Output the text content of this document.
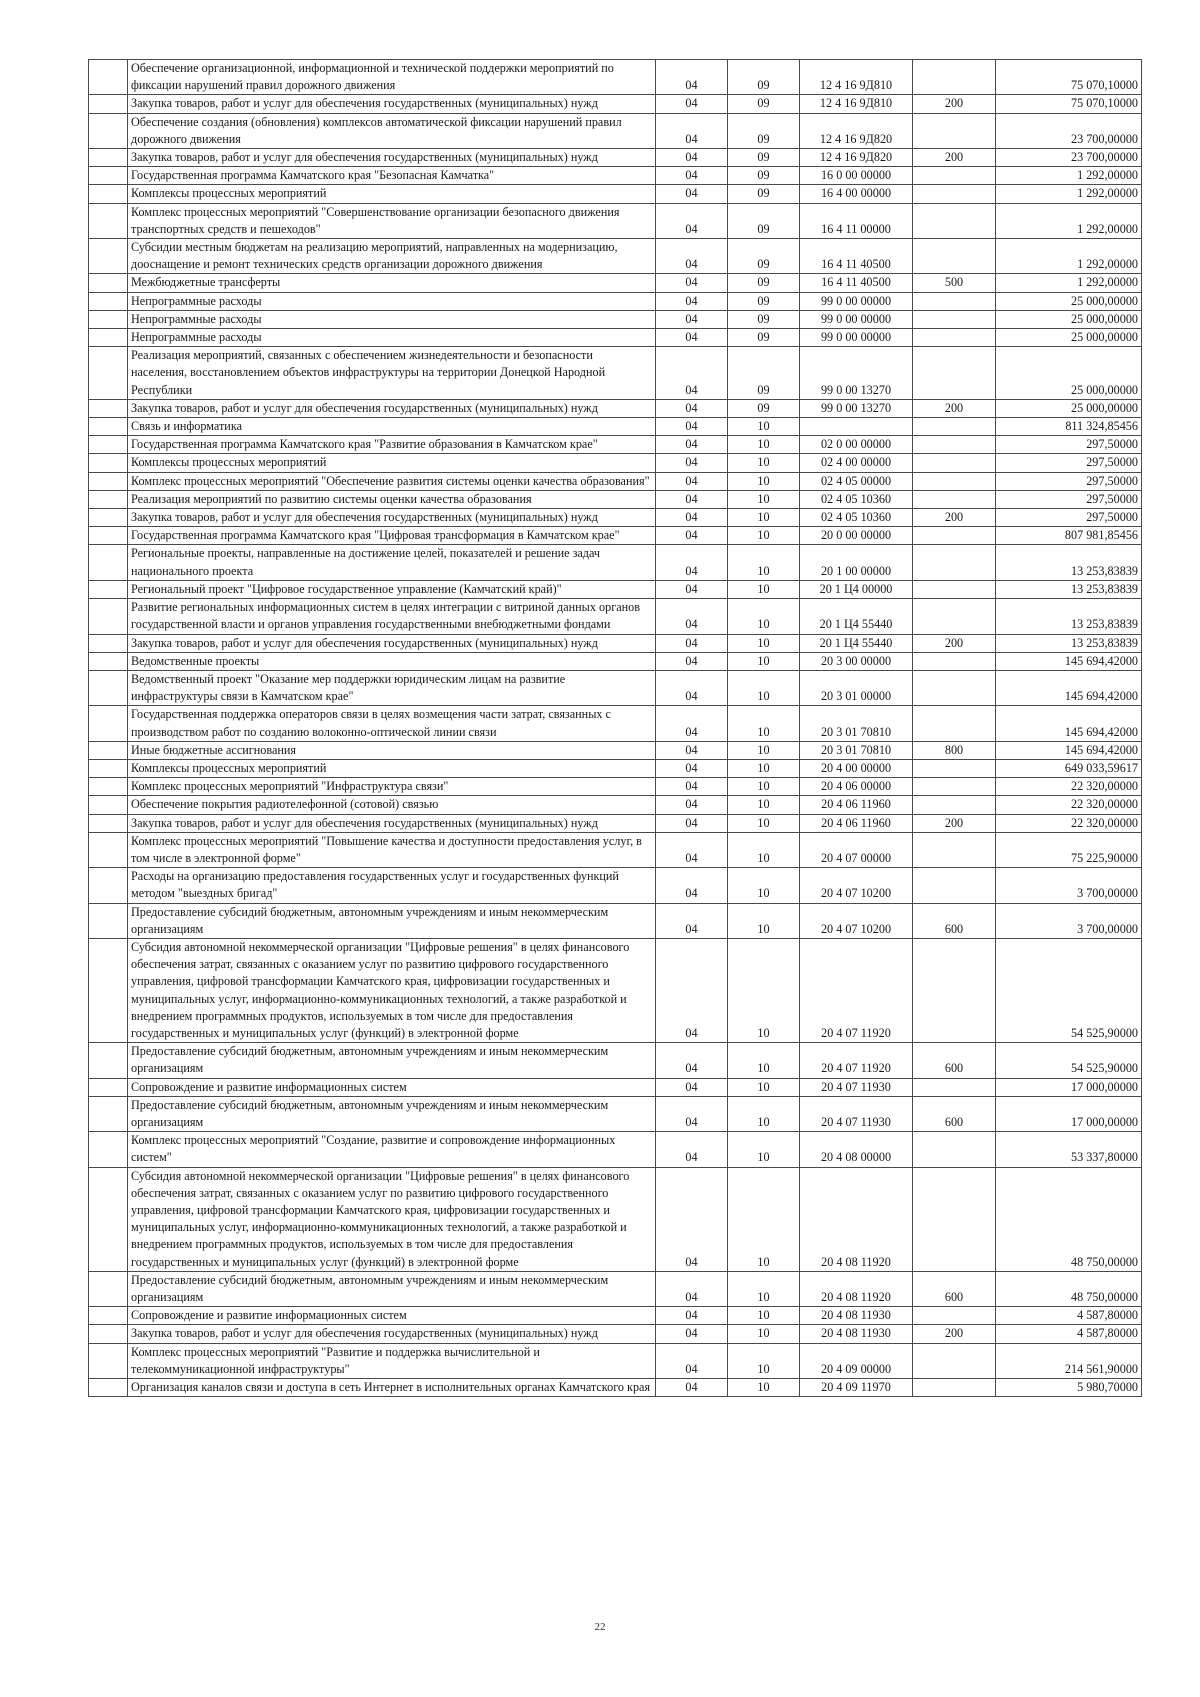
	Обеспечение организационной, информационной и технической поддержки мероприятий по фиксации нарушений правил дорожного движения	04	09	12 4 16 9Д810		75 070,10000
	Закупка товаров, работ и услуг для обеспечения государственных (муниципальных) нужд	04	09	12 4 16 9Д810	200	75 070,10000
	Обеспечение создания (обновления) комплексов автоматической фиксации нарушений правил дорожного движения	04	09	12 4 16 9Д820		23 700,00000
	Закупка товаров, работ и услуг для обеспечения государственных (муниципальных) нужд	04	09	12 4 16 9Д820	200	23 700,00000
	Государственная программа Камчатского края "Безопасная Камчатка"	04	09	16 0 00 00000		1 292,00000
	Комплексы процессных мероприятий	04	09	16 4 00 00000		1 292,00000
	Комплекс процессных мероприятий "Совершенствование организации безопасного движения транспортных средств и пешеходов"	04	09	16 4 11 00000		1 292,00000
	Субсидии местным бюджетам на реализацию мероприятий, направленных на модернизацию, дооснащение и ремонт технических средств организации дорожного движения	04	09	16 4 11 40500		1 292,00000
	Межбюджетные трансферты	04	09	16 4 11 40500	500	1 292,00000
	Непрограммные расходы	04	09	99 0 00 00000		25 000,00000
	Непрограммные расходы	04	09	99 0 00 00000		25 000,00000
	Непрограммные расходы	04	09	99 0 00 00000		25 000,00000
	Реализация мероприятий, связанных с обеспечением жизнедеятельности и безопасности населения, восстановлением объектов инфраструктуры на территории Донецкой Народной Республики	04	09	99 0 00 13270		25 000,00000
	Закупка товаров, работ и услуг для обеспечения государственных (муниципальных) нужд	04	09	99 0 00 13270	200	25 000,00000
	Связь и информатика	04	10			811 324,85456
	Государственная программа Камчатского края "Развитие образования в Камчатском крае"	04	10	02 0 00 00000		297,50000
	Комплексы процессных мероприятий	04	10	02 4 00 00000		297,50000
	Комплекс процессных мероприятий "Обеспечение развития системы оценки качества образования"	04	10	02 4 05 00000		297,50000
	Реализация мероприятий по развитию системы оценки качества образования	04	10	02 4 05 10360		297,50000
	Закупка товаров, работ и услуг для обеспечения государственных (муниципальных) нужд	04	10	02 4 05 10360	200	297,50000
	Государственная программа Камчатского края "Цифровая трансформация в Камчатском крае"	04	10	20 0 00 00000		807 981,85456
	Региональные проекты, направленные на достижение целей, показателей и решение задач национального проекта	04	10	20 1 00 00000		13 253,83839
	Региональный проект "Цифровое государственное управление (Камчатский край)"	04	10	20 1 Ц4 00000		13 253,83839
	Развитие региональных информационных систем в целях интеграции с витриной данных органов государственной власти и органов управления государственными внебюджетными фондами	04	10	20 1 Ц4 55440		13 253,83839
	Закупка товаров, работ и услуг для обеспечения государственных (муниципальных) нужд	04	10	20 1 Ц4 55440	200	13 253,83839
	Ведомственные проекты	04	10	20 3 00 00000		145 694,42000
	Ведомственный проект "Оказание мер поддержки юридическим лицам на развитие инфраструктуры связи в Камчатском крае"	04	10	20 3 01 00000		145 694,42000
	Государственная поддержка операторов связи в целях возмещения части затрат, связанных с производством работ по созданию волоконно-оптической линии связи	04	10	20 3 01 70810		145 694,42000
	Иные бюджетные ассигнования	04	10	20 3 01 70810	800	145 694,42000
	Комплексы процессных мероприятий	04	10	20 4 00 00000		649 033,59617
	Комплекс процессных мероприятий "Инфраструктура связи"	04	10	20 4 06 00000		22 320,00000
	Обеспечение покрытия радиотелефонной (сотовой) связью	04	10	20 4 06 11960		22 320,00000
	Закупка товаров, работ и услуг для обеспечения государственных (муниципальных) нужд	04	10	20 4 06 11960	200	22 320,00000
	Комплекс процессных мероприятий "Повышение качества и доступности предоставления услуг, в том числе в электронной форме"	04	10	20 4 07 00000		75 225,90000
	Расходы на организацию предоставления государственных услуг и государственных функций методом "выездных бригад"	04	10	20 4 07 10200		3 700,00000
	Предоставление субсидий бюджетным, автономным учреждениям и иным некоммерческим организациям	04	10	20 4 07 10200	600	3 700,00000
	Субсидия автономной некоммерческой организации "Цифровые решения" в целях финансового обеспечения затрат, связанных с оказанием услуг по развитию цифрового государственного управления, цифровой трансформации Камчатского края, цифровизации государственных и муниципальных услуг, информационно-коммуникационных технологий, а также разработкой и внедрением программных продуктов, используемых в том числе для предоставления государственных и муниципальных услуг (функций) в электронной форме	04	10	20 4 07 11920		54 525,90000
	Предоставление субсидий бюджетным, автономным учреждениям и иным некоммерческим организациям	04	10	20 4 07 11920	600	54 525,90000
	Сопровождение и развитие информационных систем	04	10	20 4 07 11930		17 000,00000
	Предоставление субсидий бюджетным, автономным учреждениям и иным некоммерческим организациям	04	10	20 4 07 11930	600	17 000,00000
	Комплекс процессных мероприятий "Создание, развитие и сопровождение информационных систем"	04	10	20 4 08 00000		53 337,80000
	Субсидия автономной некоммерческой организации "Цифровые решения" в целях финансового обеспечения затрат, связанных с оказанием услуг по развитию цифрового государственного управления, цифровой трансформации Камчатского края, цифровизации государственных и муниципальных услуг, информационно-коммуникационных технологий, а также разработкой и внедрением программных продуктов, используемых в том числе для предоставления государственных и муниципальных услуг (функций) в электронной форме	04	10	20 4 08 11920		48 750,00000
	Предоставление субсидий бюджетным, автономным учреждениям и иным некоммерческим организациям	04	10	20 4 08 11920	600	48 750,00000
	Сопровождение и развитие информационных систем	04	10	20 4 08 11930		4 587,80000
	Закупка товаров, работ и услуг для обеспечения государственных (муниципальных) нужд	04	10	20 4 08 11930	200	4 587,80000
	Комплекс процессных мероприятий "Развитие и поддержка вычислительной и телекоммуникационной инфраструктуры"	04	10	20 4 09 00000		214 561,90000
	Организация каналов связи и доступа в сеть Интернет в исполнительных органах Камчатского края	04	10	20 4 09 11970		5 980,70000
22
